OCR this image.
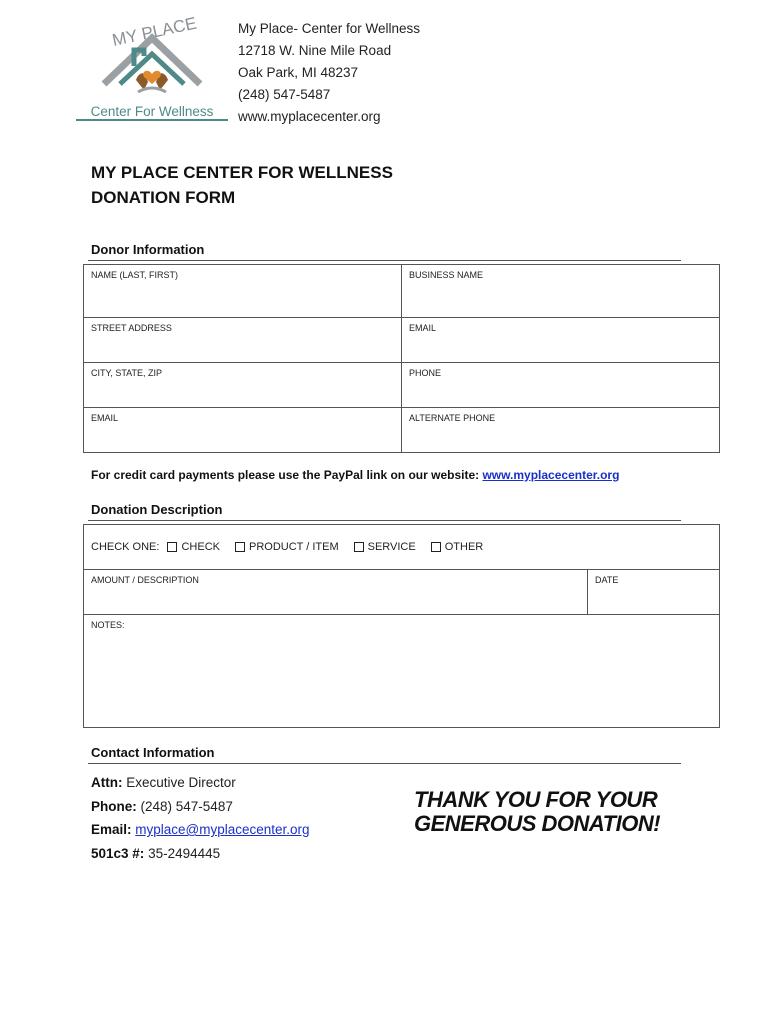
MY PLACE
Center For Wellness
My Place- Center for Wellness
12718 W. Nine Mile Road
Oak Park, MI 48237
(248) 547-5487
www.myplacecenter.org
MY PLACE CENTER FOR WELLNESS
DONATION FORM
Donor Information
NAME (LAST, FIRST)	BUSINESS NAME
STREET ADDRESS	EMAIL
CITY, STATE, ZIP	PHONE
EMAIL	ALTERNATE PHONE
For credit card payments please use the PayPal link on our website: www.myplacecenter.org
Donation Description
CHECK ONE: CHECK	PRODUCT / ITEM	SERVICE	OTHER

AMOUNT / DESCRIPTION	DATE
NOTES:
Contact Information
Attn: Executive Director
Phone: (248) 547-5487
Email: myplace@myplacecenter.org
501c3 #: 35-2494445
THANK YOU FOR YOUR
GENEROUS DONATION!
